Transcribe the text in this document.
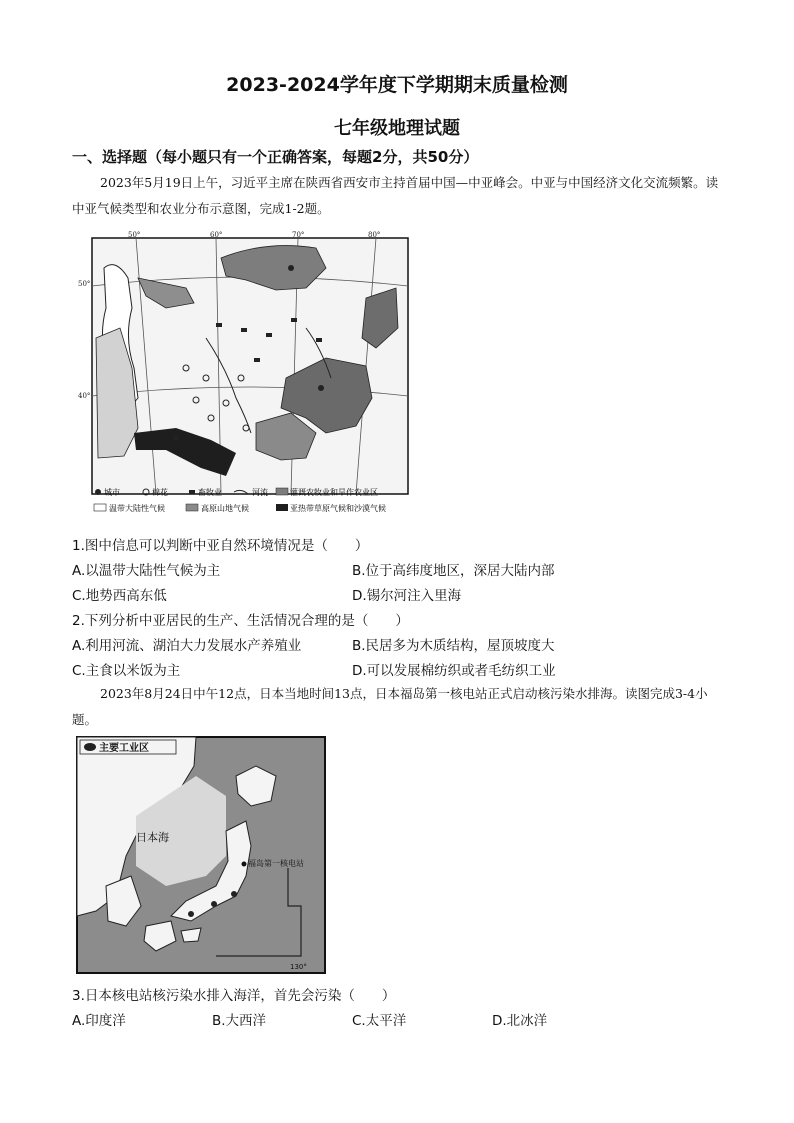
2023-2024学年度下学期期末质量检测
七年级地理试题
一、选择题（每小题只有一个正确答案，每题2分，共50分）
2023年5月19日上午，习近平主席在陕西省西安市主持首届中国—中亚峰会。中亚与中国经济文化交流频繁。读中亚气候类型和农业分布示意图，完成1-2题。
50°	60°	70°	80°
50°
40°
城市	棉花	畜牧业	河流	灌溉农牧业和旱作农业区
温带大陆性气候	高原山地气候	亚热带草原气候和沙漠气候
1.图中信息可以判断中亚自然环境情况是（　　）
A.以温带大陆性气候为主	B.位于高纬度地区，深居大陆内部
C.地势西高东低	D.锡尔河注入里海
2.下列分析中亚居民的生产、生活情况合理的是（　　）
A.利用河流、湖泊大力发展水产养殖业	B.民居多为木质结构，屋顶坡度大
C.主食以米饭为主	D.可以发展棉纺织或者毛纺织工业
2023年8月24日中午12点，日本当地时间13点，日本福岛第一核电站正式启动核污染水排海。读图完成3-4小题。
主要工业区
日本海
福岛第一核电站
130°
3.日本核电站核污染水排入海洋，首先会污染（　　）
A.印度洋	B.大西洋	C.太平洋	D.北冰洋
